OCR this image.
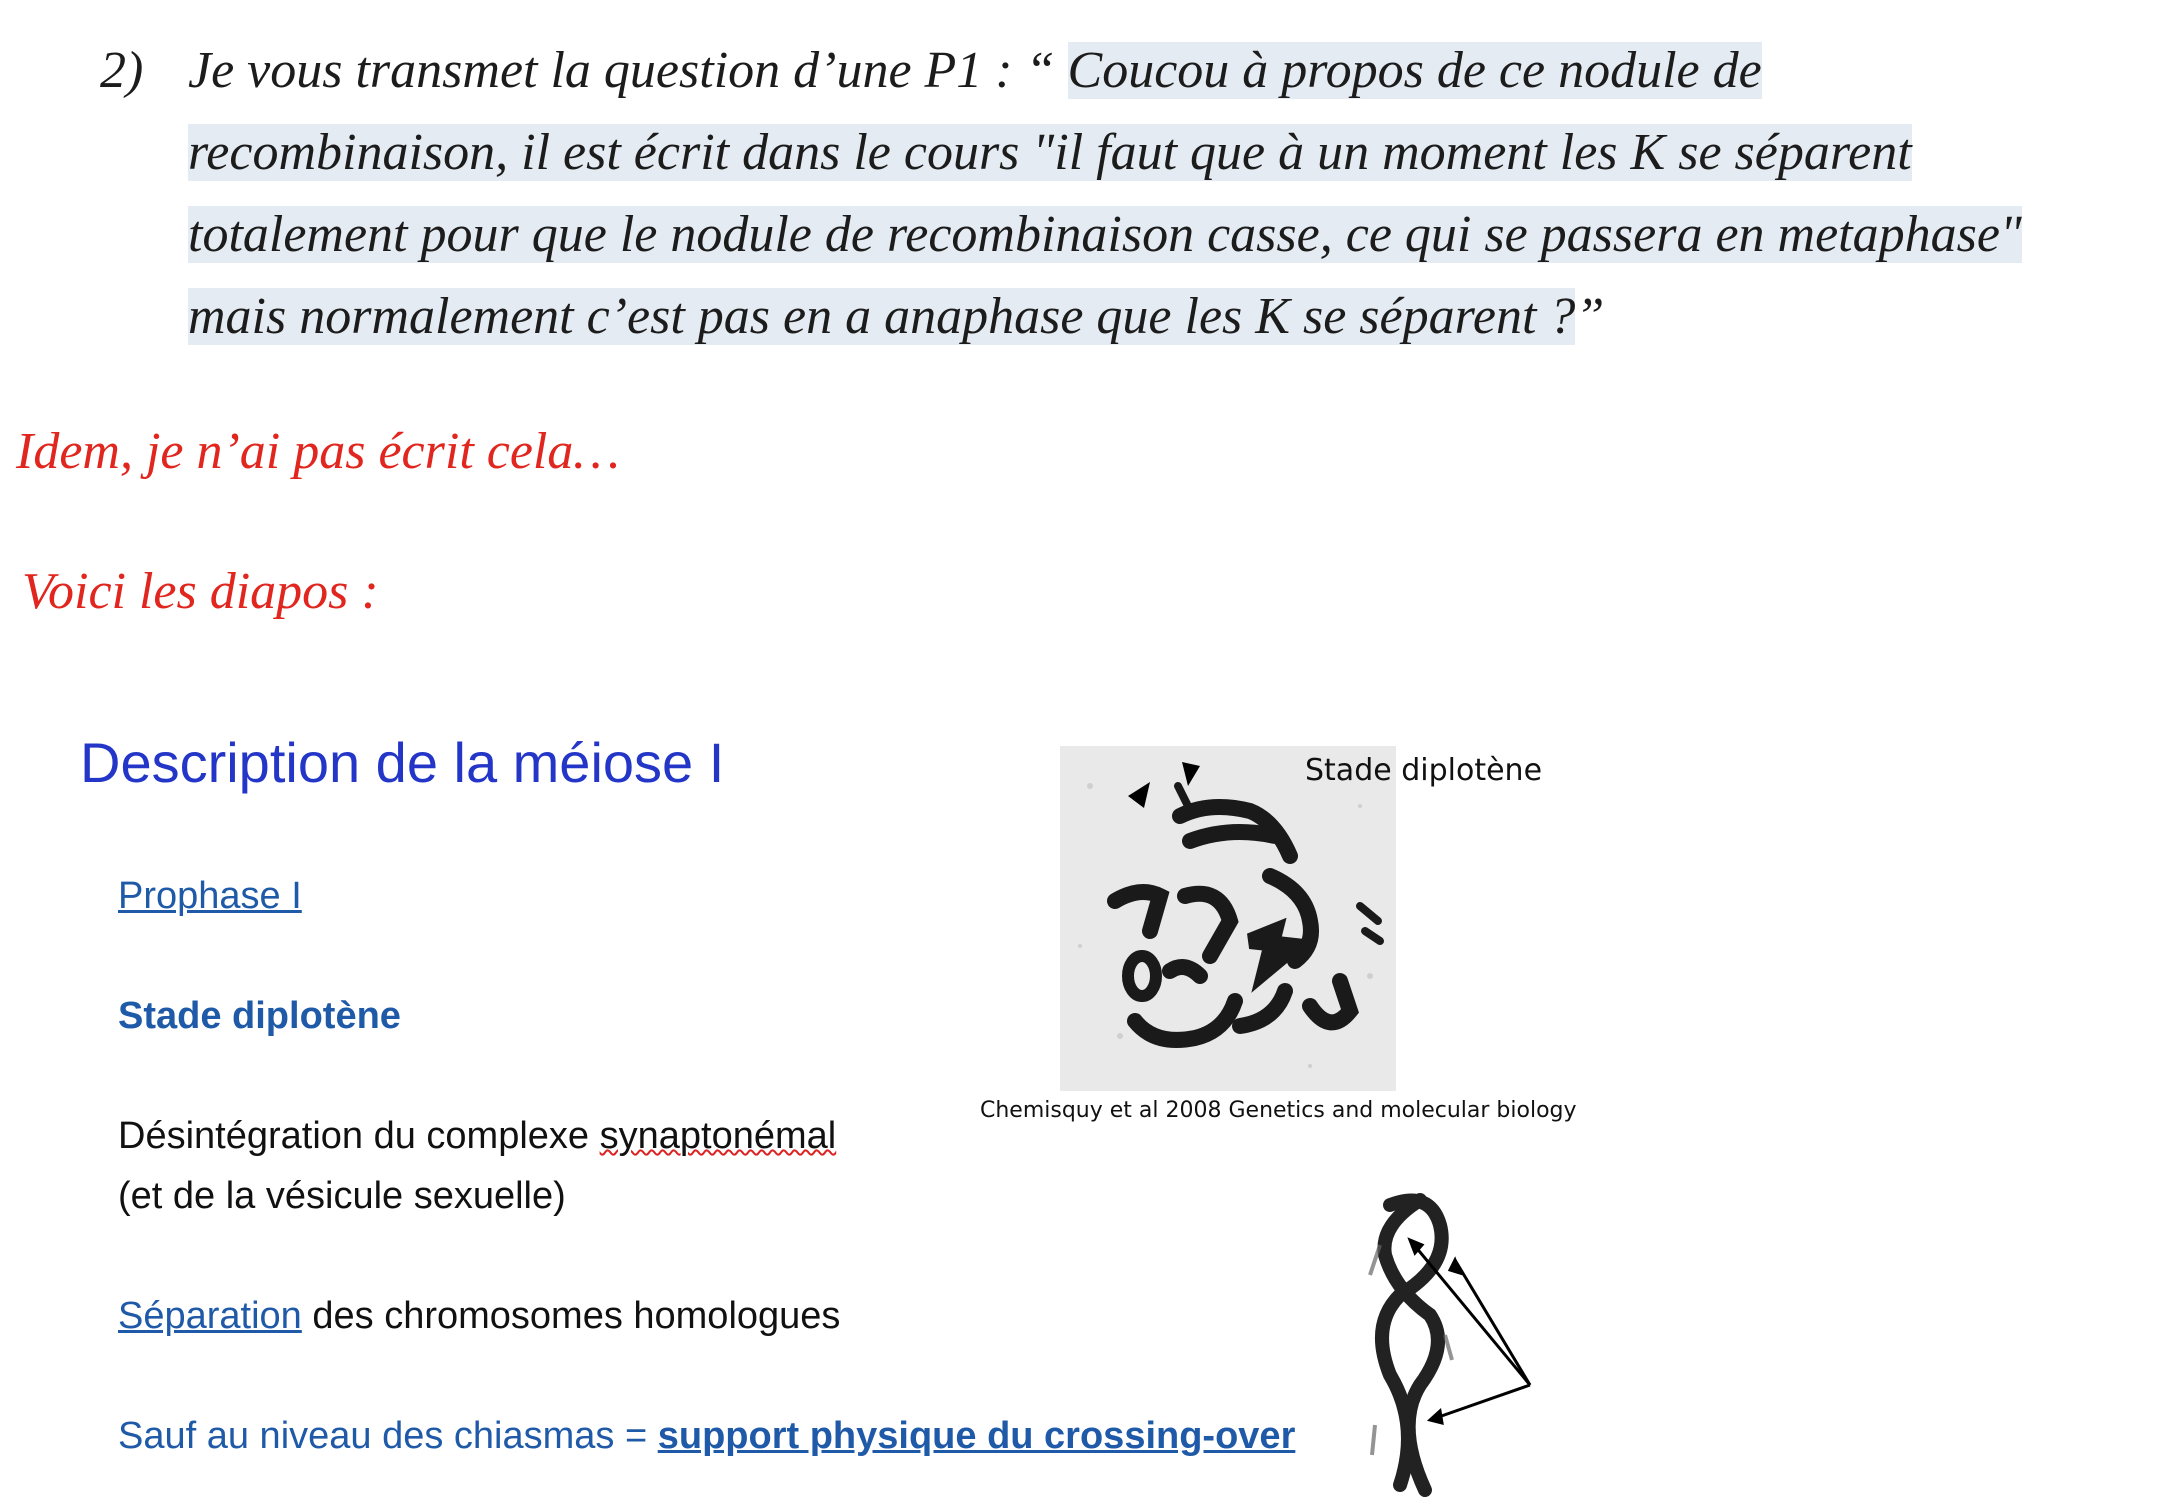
2) Je vous transmet la question d’une P1 : “ Coucou à propos de ce nodule de
recombinaison, il est écrit dans le cours "il faut que à un moment les K se séparent
totalement pour que le nodule de recombinaison casse, ce qui se passera en metaphase"
mais normalement c’est pas en a anaphase que les K se séparent ?”
Idem, je n’ai pas écrit cela…
Voici les diapos :
Description de la méiose I
Prophase I
Stade diplotène
Désintégration du complexe synaptonémal
(et de la vésicule sexuelle)
Séparation des chromosomes homologues
Sauf au niveau des chiasmas = support physique du crossing-over
Stade diplotène
Chemisquy et al 2008 Genetics and molecular biology
